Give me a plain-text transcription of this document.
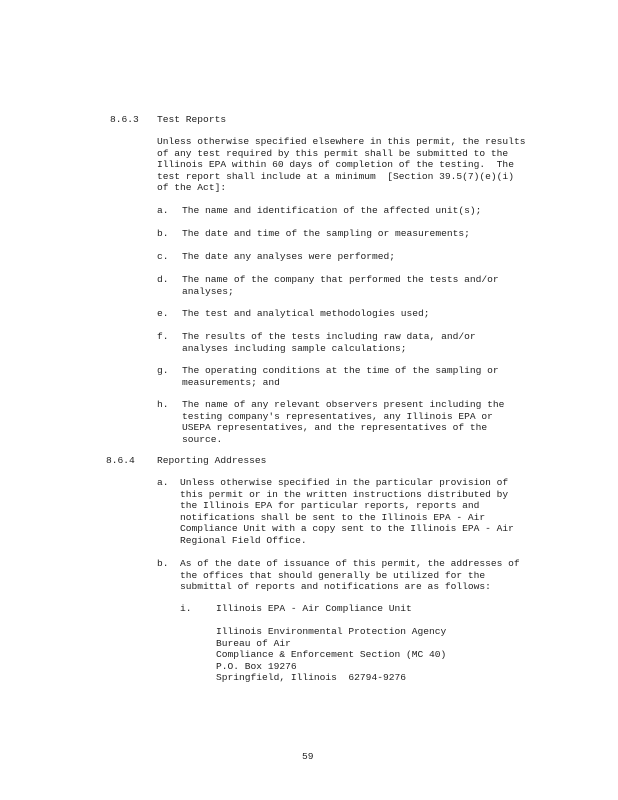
8.6.3 Test Reports
Unless otherwise specified elsewhere in this permit, the results
of any test required by this permit shall be submitted to the
Illinois EPA within 60 days of completion of the testing.  The
test report shall include at a minimum  [Section 39.5(7)(e)(i)
of the Act]:
a. The name and identification of the affected unit(s);
b. The date and time of the sampling or measurements;
c. The date any analyses were performed;
d. The name of the company that performed the tests and/or
analyses;
e. The test and analytical methodologies used;
f. The results of the tests including raw data, and/or
analyses including sample calculations;
g. The operating conditions at the time of the sampling or
measurements; and
h. The name of any relevant observers present including the
testing company's representatives, any Illinois EPA or
USEPA representatives, and the representatives of the
source.
8.6.4 Reporting Addresses
a. Unless otherwise specified in the particular provision of
this permit or in the written instructions distributed by
the Illinois EPA for particular reports, reports and
notifications shall be sent to the Illinois EPA - Air
Compliance Unit with a copy sent to the Illinois EPA - Air
Regional Field Office.
b. As of the date of issuance of this permit, the addresses of
the offices that should generally be utilized for the
submittal of reports and notifications are as follows:
i.	Illinois EPA - Air Compliance Unit
Illinois Environmental Protection Agency
Bureau of Air
Compliance & Enforcement Section (MC 40)
P.O. Box 19276
Springfield, Illinois  62794-9276
59
